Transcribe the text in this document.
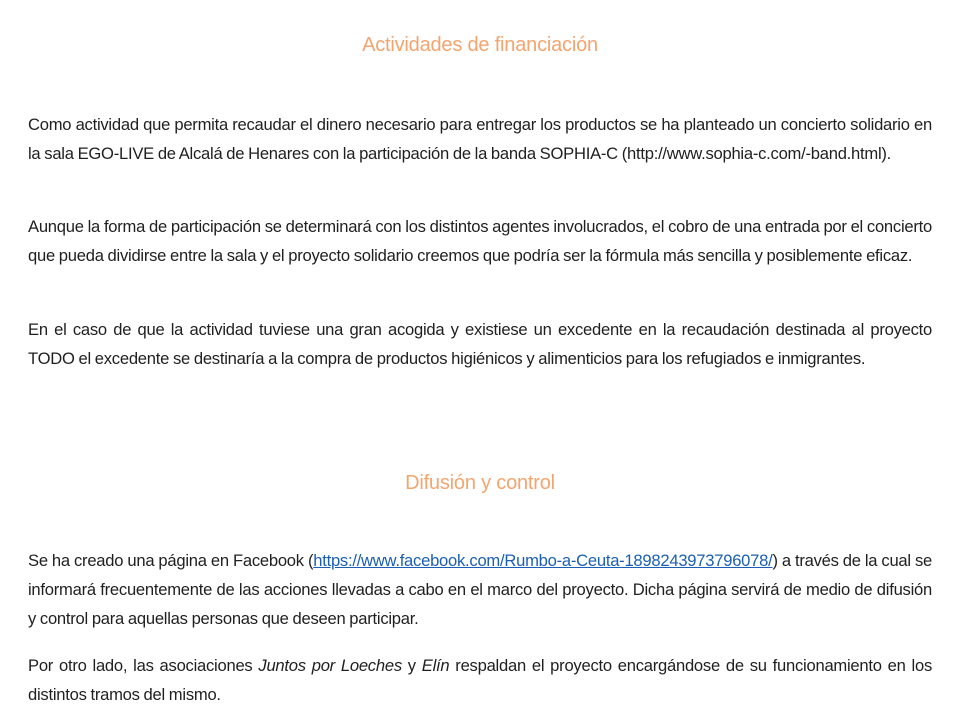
Actividades de financiación

Como actividad que permita recaudar el dinero necesario para entregar los productos se ha planteado un concierto solidario en la sala EGO-LIVE de Alcalá de Henares con la participación de la banda SOPHIA-C (http://www.sophia-c.com/-band.html).

Aunque la forma de participación se determinará con los distintos agentes involucrados, el cobro de una entrada por el concierto que pueda dividirse entre la sala y el proyecto solidario creemos que podría ser la fórmula más sencilla y posiblemente eficaz.

En el caso de que la actividad tuviese una gran acogida y existiese un excedente en la recaudación destinada al proyecto TODO el excedente se destinaría a la compra de productos higiénicos y alimenticios para los refugiados e inmigrantes.

Difusión y control

Se ha creado una página en Facebook (https://www.facebook.com/Rumbo-a-Ceuta-1898243973796078/) a través de la cual se informará frecuentemente de las acciones llevadas a cabo en el marco del proyecto. Dicha página servirá de medio de difusión y control para aquellas personas que deseen participar.

Por otro lado, las asociaciones Juntos por Loeches y Elín respaldan el proyecto encargándose de su funcionamiento en los distintos tramos del mismo.
